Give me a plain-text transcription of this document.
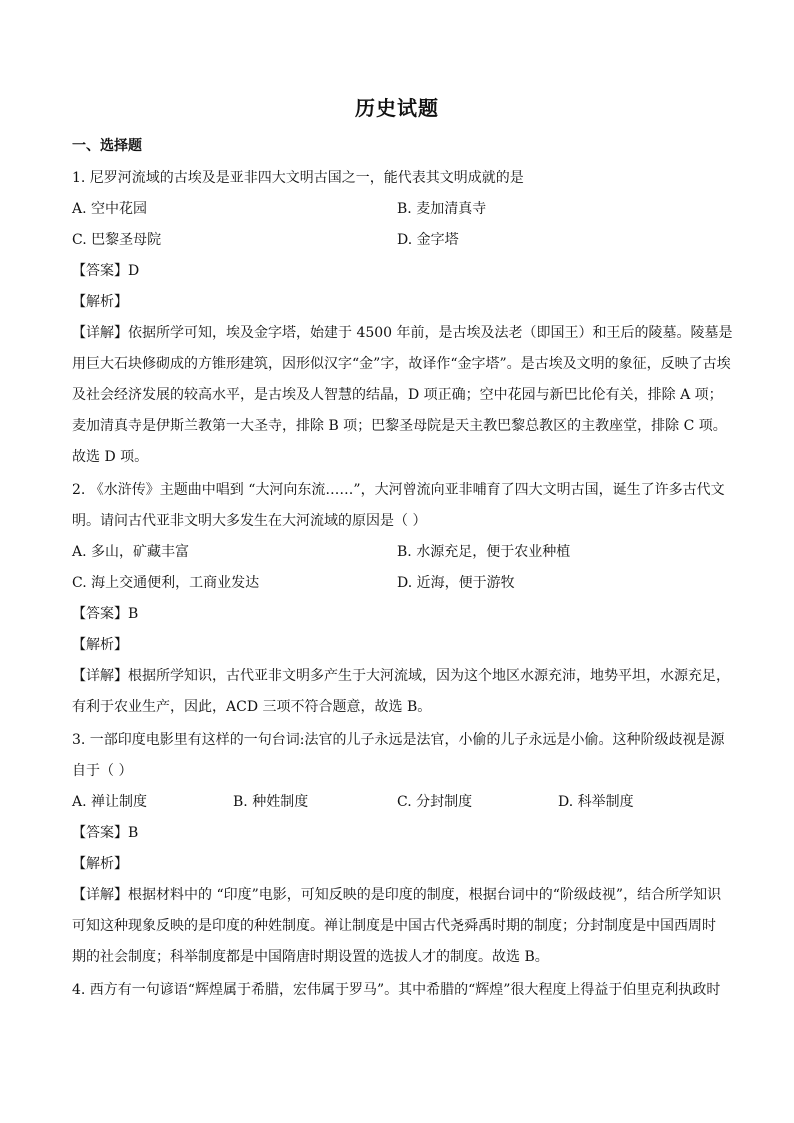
历史试题
一、选择题
1. 尼罗河流域的古埃及是亚非四大文明古国之一，能代表其文明成就的是
A. 空中花园	B. 麦加清真寺
C. 巴黎圣母院	D. 金字塔
【答案】D
【解析】
【详解】依据所学可知，埃及金字塔，始建于 4500 年前，是古埃及法老（即国王）和王后的陵墓。陵墓是
用巨大石块修砌成的方锥形建筑，因形似汉字“金”字，故译作“金字塔”。是古埃及文明的象征，反映了古埃
及社会经济发展的较高水平，是古埃及人智慧的结晶，D 项正确；空中花园与新巴比伦有关，排除 A 项；
麦加清真寺是伊斯兰教第一大圣寺，排除 B 项；巴黎圣母院是天主教巴黎总教区的主教座堂，排除 C 项。
故选 D 项。
2. 《水浒传》主题曲中唱到 “大河向东流……”，大河曾流向亚非哺育了四大文明古国，诞生了许多古代文
明。请问古代亚非文明大多发生在大河流域的原因是（ ）
A. 多山，矿藏丰富	B. 水源充足，便于农业种植
C. 海上交通便利，工商业发达	D. 近海，便于游牧
【答案】B
【解析】
【详解】根据所学知识，古代亚非文明多产生于大河流域，因为这个地区水源充沛，地势平坦，水源充足，
有利于农业生产，因此，ACD 三项不符合题意，故选 B。
3. 一部印度电影里有这样的一句台词:法官的儿子永远是法官，小偷的儿子永远是小偷。这种阶级歧视是源
自于（ ）
A. 禅让制度	B. 种姓制度	C. 分封制度	D. 科举制度
【答案】B
【解析】
【详解】根据材料中的 “印度”电影，可知反映的是印度的制度，根据台词中的“阶级歧视”，结合所学知识
可知这种现象反映的是印度的种姓制度。禅让制度是中国古代尧舜禹时期的制度；分封制度是中国西周时
期的社会制度；科举制度都是中国隋唐时期设置的选拔人才的制度。故选 B。
4. 西方有一句谚语“辉煌属于希腊，宏伟属于罗马”。其中希腊的“辉煌”很大程度上得益于伯里克利执政时
